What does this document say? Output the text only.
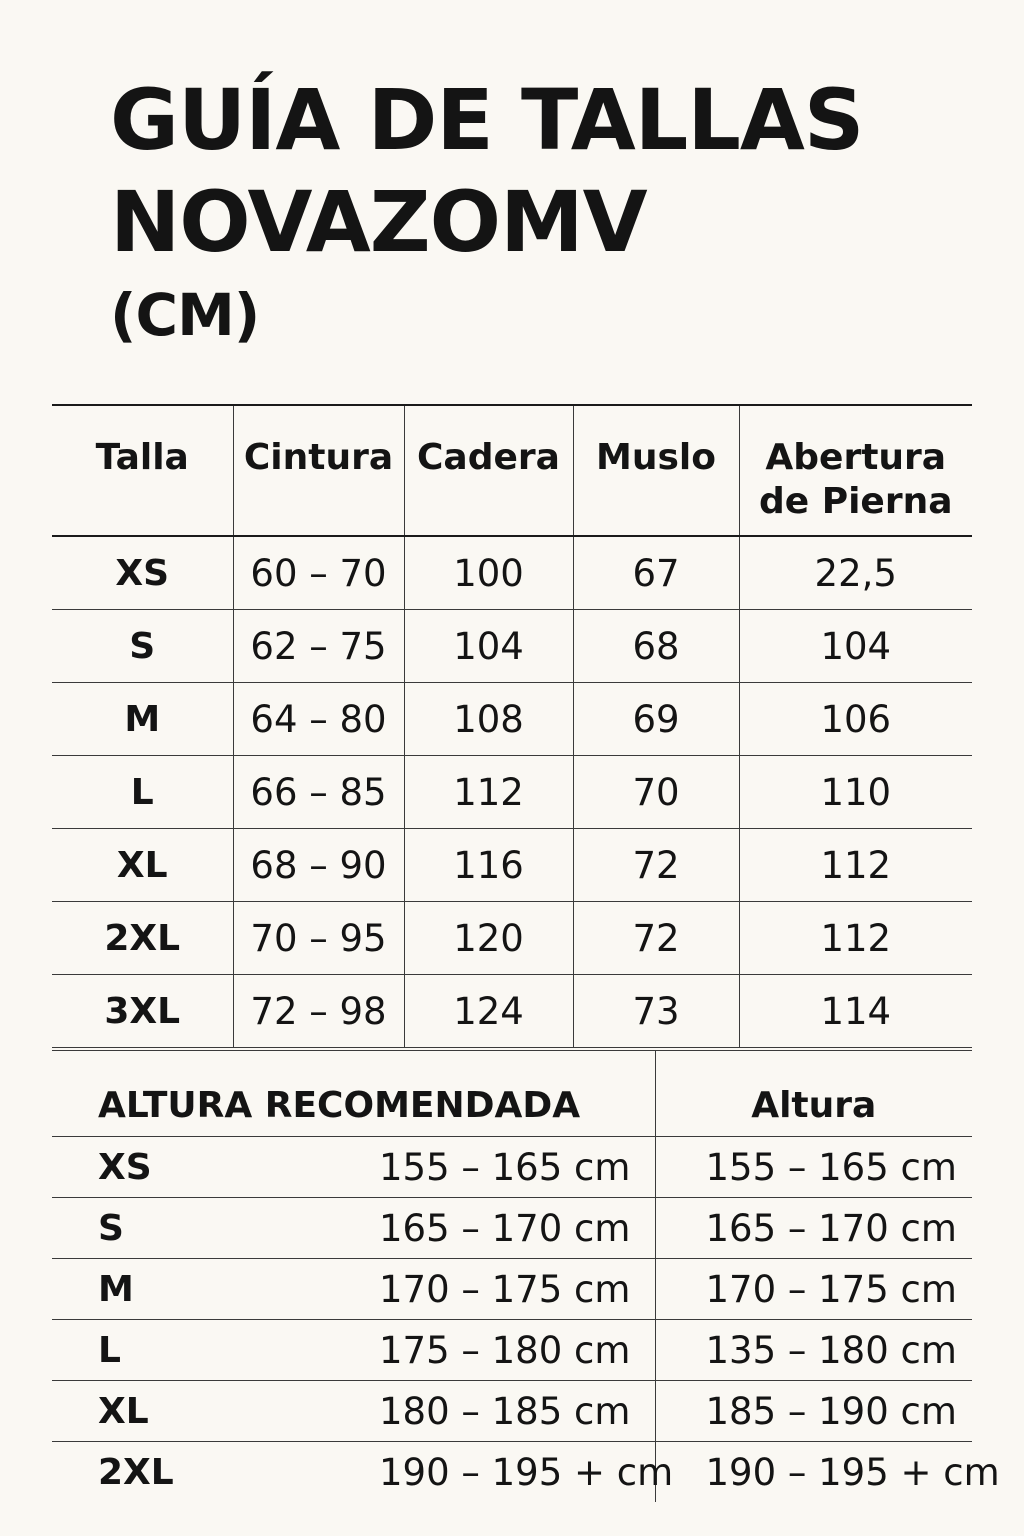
GUÍA DE TALLAS
NOVAZOMV
(CM)
Talla	Cintura	Cadera	Muslo	Abertura de Pierna
XS	60 – 70	100	67	22,5
S	62 – 75	104	68	104
M	64 – 80	108	69	106
L	66 – 85	112	70	110
XL	68 – 90	116	72	112
2XL	70 – 95	120	72	112
3XL	72 – 98	124	73	114
ALTURA RECOMENDADA		Altura
XS	155 – 165 cm	155 – 165 cm
S	165 – 170 cm	165 – 170 cm
M	170 – 175 cm	170 – 175 cm
L	175 – 180 cm	135 – 180 cm
XL	180 – 185 cm	185 – 190 cm
2XL	190 – 195 + cm	190 – 195 + cm
